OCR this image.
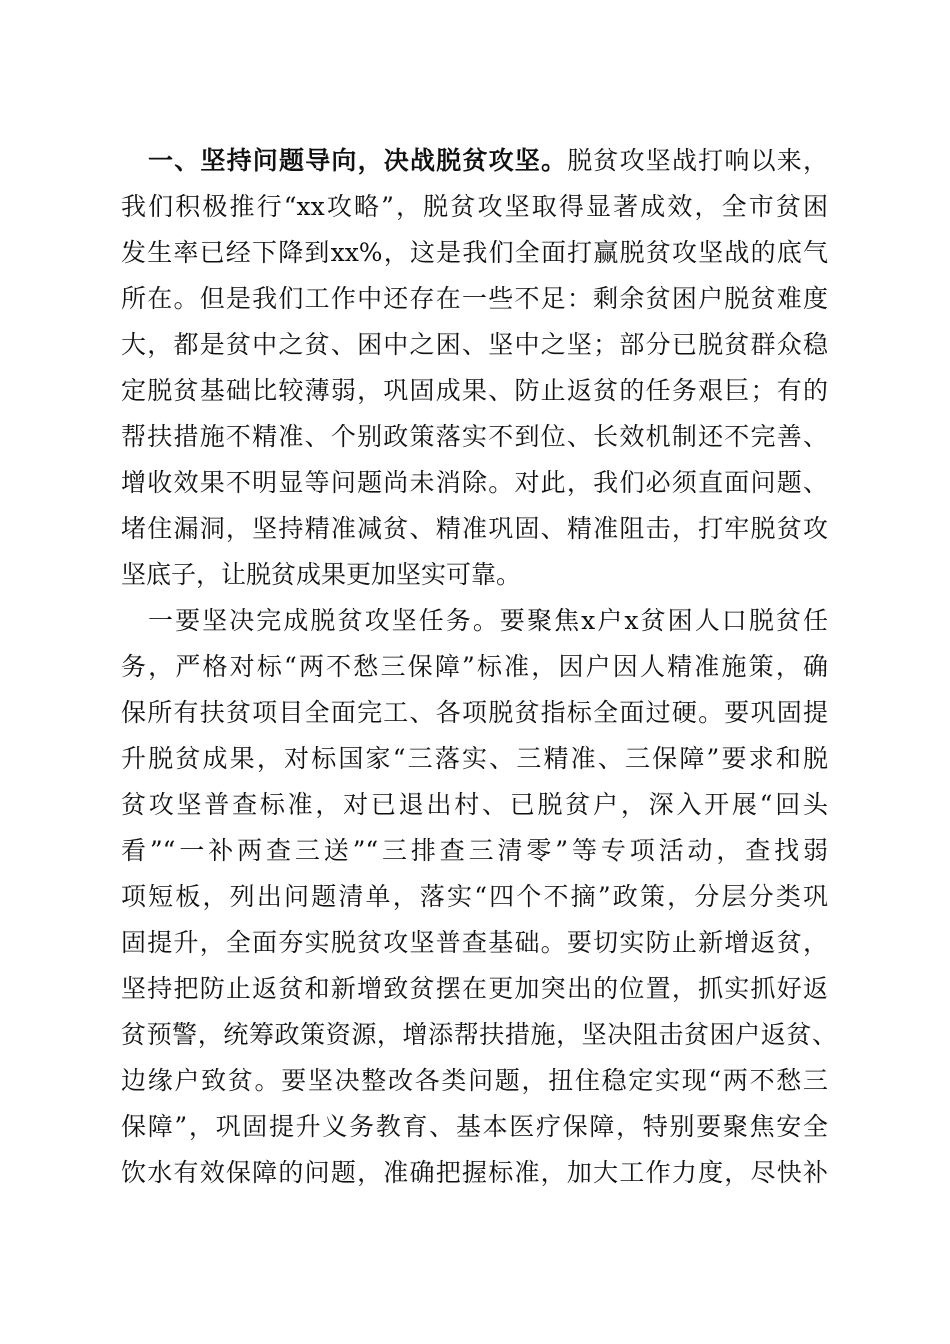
一、坚持问题导向，决战脱贫攻坚。脱贫攻坚战打响以来，
我们积极推行“xx攻略”，脱贫攻坚取得显著成效，全市贫困
发生率已经下降到xx%，这是我们全面打赢脱贫攻坚战的底气
所在。但是我们工作中还存在一些不足：剩余贫困户脱贫难度
大，都是贫中之贫、困中之困、坚中之坚；部分已脱贫群众稳
定脱贫基础比较薄弱，巩固成果、防止返贫的任务艰巨；有的
帮扶措施不精准、个别政策落实不到位、长效机制还不完善、
增收效果不明显等问题尚未消除。对此，我们必须直面问题、
堵住漏洞，坚持精准减贫、精准巩固、精准阻击，打牢脱贫攻
坚底子，让脱贫成果更加坚实可靠。
一要坚决完成脱贫攻坚任务。要聚焦x户x贫困人口脱贫任
务，严格对标“两不愁三保障”标准，因户因人精准施策，确
保所有扶贫项目全面完工、各项脱贫指标全面过硬。要巩固提
升脱贫成果，对标国家“三落实、三精准、三保障”要求和脱
贫攻坚普查标准，对已退出村、已脱贫户，深入开展“回头
看”“一补两查三送”“三排查三清零”等专项活动，查找弱
项短板，列出问题清单，落实“四个不摘”政策，分层分类巩
固提升，全面夯实脱贫攻坚普查基础。要切实防止新增返贫，
坚持把防止返贫和新增致贫摆在更加突出的位置，抓实抓好返
贫预警，统筹政策资源，增添帮扶措施，坚决阻击贫困户返贫、
边缘户致贫。要坚决整改各类问题，扭住稳定实现“两不愁三
保障”，巩固提升义务教育、基本医疗保障，特别要聚焦安全
饮水有效保障的问题，准确把握标准，加大工作力度，尽快补
